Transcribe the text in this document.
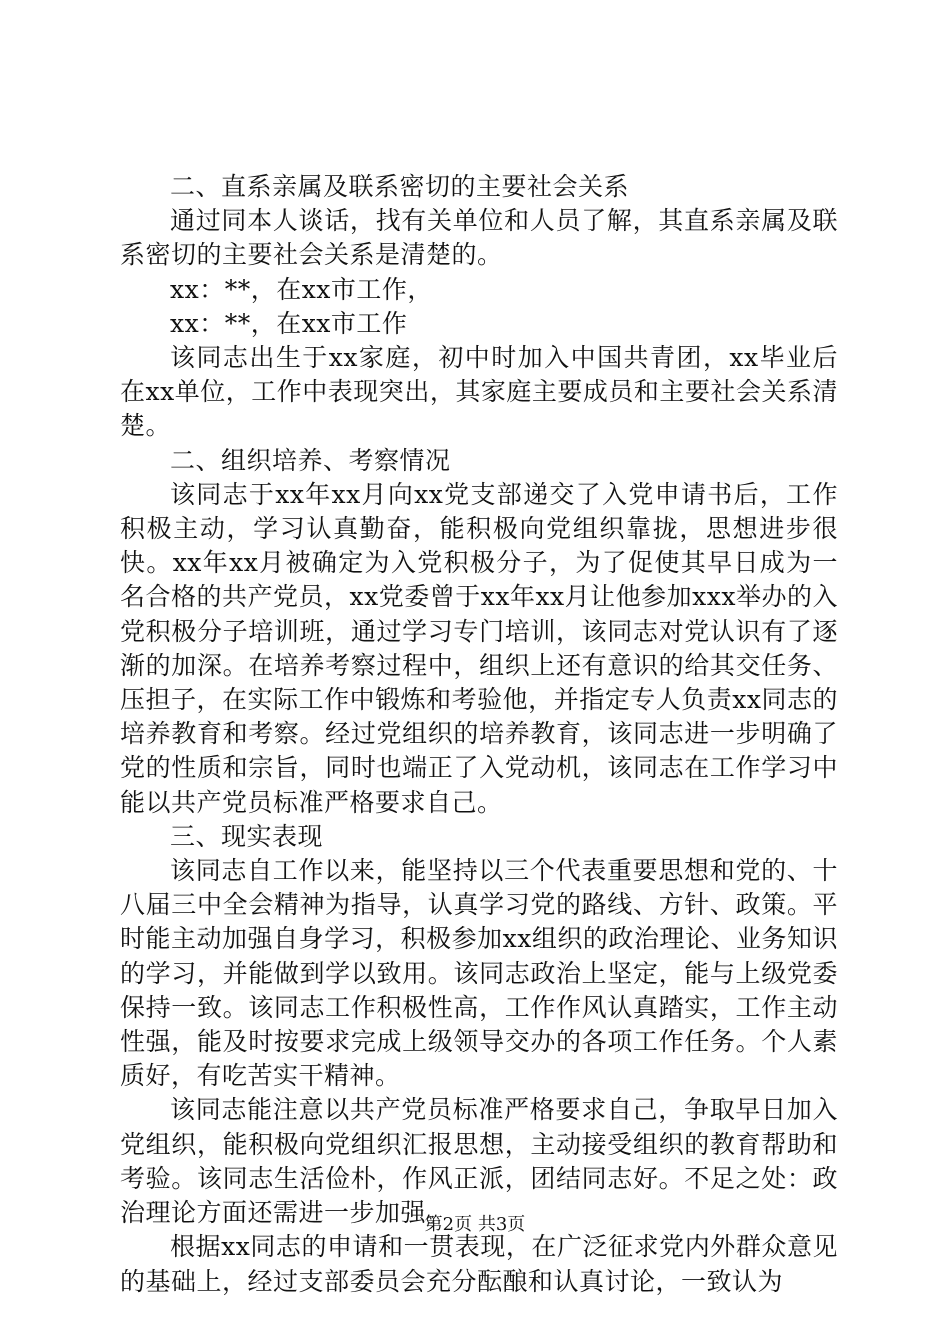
二、直系亲属及联系密切的主要社会关系

通过同本人谈话，找有关单位和人员了解，其直系亲属及联系密切的主要社会关系是清楚的。

xx：**，在xx市工作，

xx：**，在xx市工作

该同志出生于xx家庭，初中时加入中国共青团，xx毕业后在xx单位，工作中表现突出，其家庭主要成员和主要社会关系清楚。

二、组织培养、考察情况

该同志于xx年xx月向xx党支部递交了入党申请书后，工作积极主动，学习认真勤奋，能积极向党组织靠拢，思想进步很快。xx年xx月被确定为入党积极分子，为了促使其早日成为一名合格的共产党员，xx党委曾于xx年xx月让他参加xxx举办的入党积极分子培训班，通过学习专门培训，该同志对党认识有了逐渐的加深。在培养考察过程中，组织上还有意识的给其交任务、压担子，在实际工作中锻炼和考验他，并指定专人负责xx同志的培养教育和考察。经过党组织的培养教育，该同志进一步明确了党的性质和宗旨，同时也端正了入党动机，该同志在工作学习中能以共产党员标准严格要求自己。

三、现实表现

该同志自工作以来，能坚持以三个代表重要思想和党的、十八届三中全会精神为指导，认真学习党的路线、方针、政策。平时能主动加强自身学习，积极参加xx组织的政治理论、业务知识的学习，并能做到学以致用。该同志政治上坚定，能与上级党委保持一致。该同志工作积极性高，工作作风认真踏实，工作主动性强，能及时按要求完成上级领导交办的各项工作任务。个人素质好，有吃苦实干精神。

该同志能注意以共产党员标准严格要求自己，争取早日加入党组织，能积极向党组织汇报思想，主动接受组织的教育帮助和考验。该同志生活俭朴，作风正派，团结同志好。不足之处：政治理论方面还需进一步加强。

根据xx同志的申请和一贯表现，在广泛征求党内外群众意见的基础上，经过支部委员会充分酝酿和认真讨论，一致认为

第2页 共3页
